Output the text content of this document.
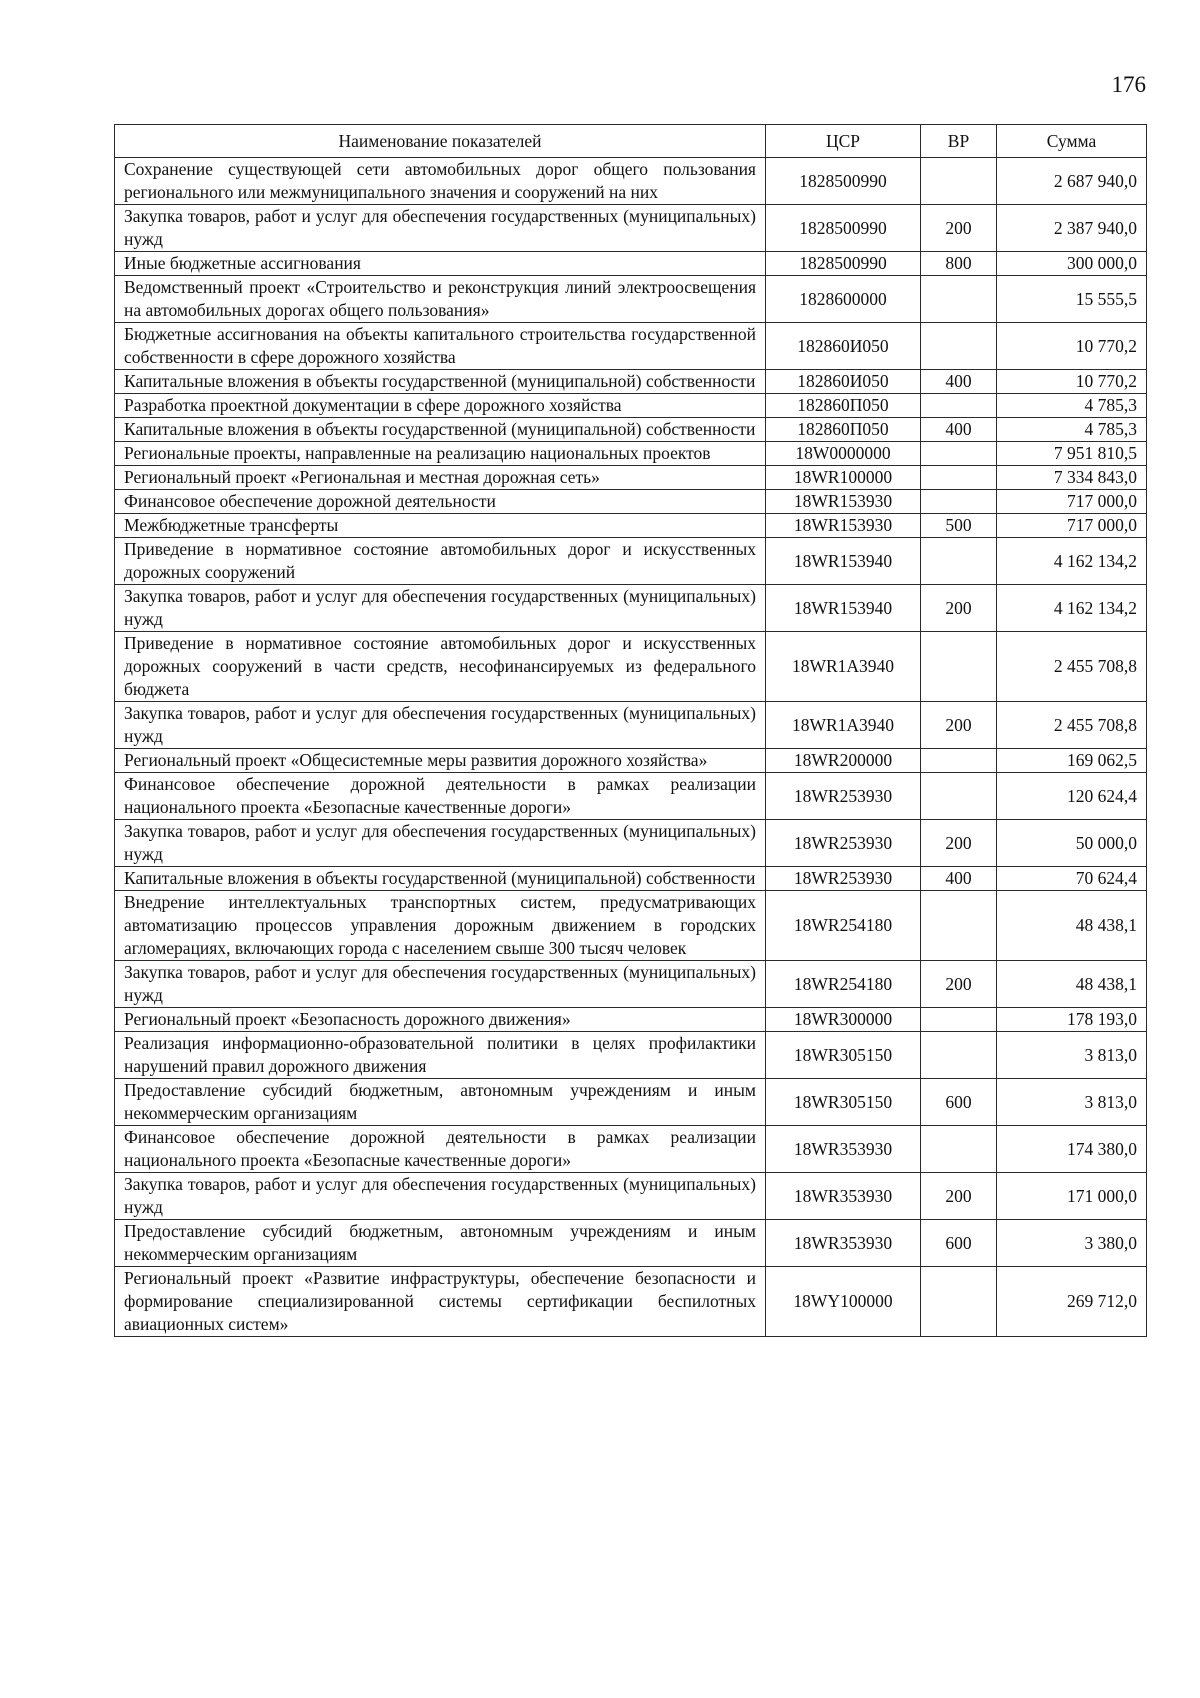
176
Наименование показателей	ЦСР	ВР	Сумма
Сохранение существующей сети автомобильных дорог общего пользования регионального или межмуниципального значения и сооружений на них	1828500990		2 687 940,0
Закупка товаров, работ и услуг для обеспечения государственных (муниципальных) нужд	1828500990	200	2 387 940,0
Иные бюджетные ассигнования	1828500990	800	300 000,0
Ведомственный проект «Строительство и реконструкция линий электроосвещения на автомобильных дорогах общего пользования»	1828600000		15 555,5
Бюджетные ассигнования на объекты капитального строительства государственной собственности в сфере дорожного хозяйства	182860И050		10 770,2
Капитальные вложения в объекты государственной (муниципальной) собственности	182860И050	400	10 770,2
Разработка проектной документации в сфере дорожного хозяйства	182860П050		4 785,3
Капитальные вложения в объекты государственной (муниципальной) собственности	182860П050	400	4 785,3
Региональные проекты, направленные на реализацию национальных проектов	18W0000000		7 951 810,5
Региональный проект «Региональная и местная дорожная сеть»	18WR100000		7 334 843,0
Финансовое обеспечение дорожной деятельности	18WR153930		717 000,0
Межбюджетные трансферты	18WR153930	500	717 000,0
Приведение в нормативное состояние автомобильных дорог и искусственных дорожных сооружений	18WR153940		4 162 134,2
Закупка товаров, работ и услуг для обеспечения государственных (муниципальных) нужд	18WR153940	200	4 162 134,2
Приведение в нормативное состояние автомобильных дорог и искусственных дорожных сооружений в части средств, несофинансируемых из федерального бюджета	18WR1A3940		2 455 708,8
Закупка товаров, работ и услуг для обеспечения государственных (муниципальных) нужд	18WR1A3940	200	2 455 708,8
Региональный проект «Общесистемные меры развития дорожного хозяйства»	18WR200000		169 062,5
Финансовое обеспечение дорожной деятельности в рамках реализации национального проекта «Безопасные качественные дороги»	18WR253930		120 624,4
Закупка товаров, работ и услуг для обеспечения государственных (муниципальных) нужд	18WR253930	200	50 000,0
Капитальные вложения в объекты государственной (муниципальной) собственности	18WR253930	400	70 624,4
Внедрение интеллектуальных транспортных систем, предусматривающих автоматизацию процессов управления дорожным движением в городских агломерациях, включающих города с населением свыше 300 тысяч человек	18WR254180		48 438,1
Закупка товаров, работ и услуг для обеспечения государственных (муниципальных) нужд	18WR254180	200	48 438,1
Региональный проект «Безопасность дорожного движения»	18WR300000		178 193,0
Реализация информационно-образовательной политики в целях профилактики нарушений правил дорожного движения	18WR305150		3 813,0
Предоставление субсидий бюджетным, автономным учреждениям и иным некоммерческим организациям	18WR305150	600	3 813,0
Финансовое обеспечение дорожной деятельности в рамках реализации национального проекта «Безопасные качественные дороги»	18WR353930		174 380,0
Закупка товаров, работ и услуг для обеспечения государственных (муниципальных) нужд	18WR353930	200	171 000,0
Предоставление субсидий бюджетным, автономным учреждениям и иным некоммерческим организациям	18WR353930	600	3 380,0
Региональный проект «Развитие инфраструктуры, обеспечение безопасности и формирование специализированной системы сертификации беспилотных авиационных систем»	18WY100000		269 712,0
